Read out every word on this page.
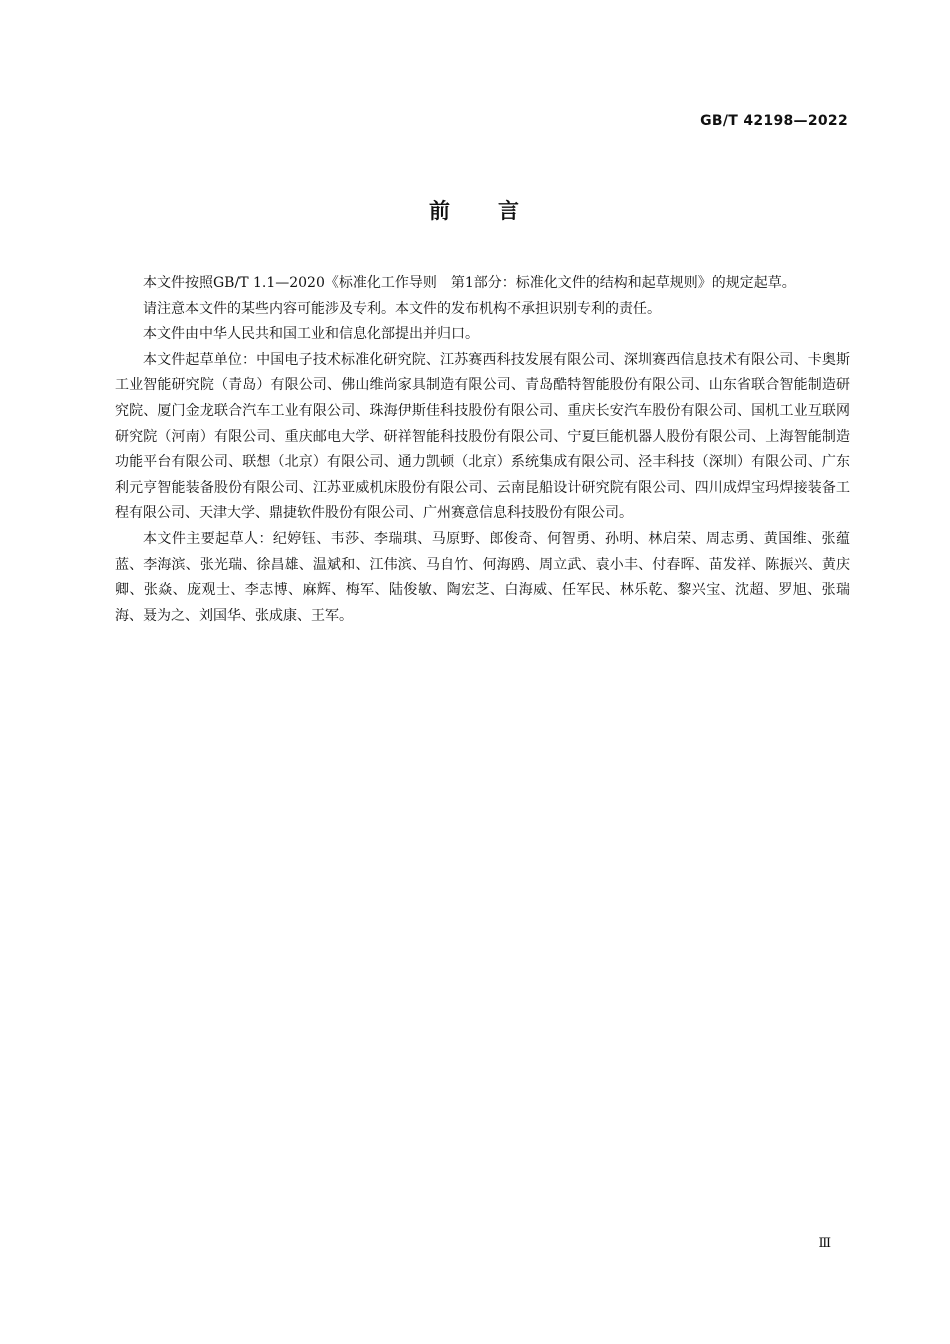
GB/T 42198—2022
前 言

本文件按照GB/T 1.1—2020《标准化工作导则　第1部分：标准化文件的结构和起草规则》的规定起草。

请注意本文件的某些内容可能涉及专利。本文件的发布机构不承担识别专利的责任。

本文件由中华人民共和国工业和信息化部提出并归口。

本文件起草单位：中国电子技术标准化研究院、江苏赛西科技发展有限公司、深圳赛西信息技术有限公司、卡奥斯工业智能研究院（青岛）有限公司、佛山维尚家具制造有限公司、青岛酷特智能股份有限公司、山东省联合智能制造研究院、厦门金龙联合汽车工业有限公司、珠海伊斯佳科技股份有限公司、重庆长安汽车股份有限公司、国机工业互联网研究院（河南）有限公司、重庆邮电大学、研祥智能科技股份有限公司、宁夏巨能机器人股份有限公司、上海智能制造功能平台有限公司、联想（北京）有限公司、通力凯顿（北京）系统集成有限公司、泾丰科技（深圳）有限公司、广东利元亨智能装备股份有限公司、江苏亚威机床股份有限公司、云南昆船设计研究院有限公司、四川成焊宝玛焊接装备工程有限公司、天津大学、鼎捷软件股份有限公司、广州赛意信息科技股份有限公司。

本文件主要起草人：纪婷钰、韦莎、李瑞琪、马原野、郎俊奇、何智勇、孙明、林启荣、周志勇、黄国维、张蕴蓝、李海滨、张光瑞、徐昌雄、温斌和、江伟滨、马自竹、何海鸥、周立武、袁小丰、付春晖、苗发祥、陈振兴、黄庆卿、张焱、庞观士、李志博、麻辉、梅军、陆俊敏、陶宏芝、白海威、任军民、林乐乾、黎兴宝、沈超、罗旭、张瑞海、聂为之、刘国华、张成康、王军。

Ⅲ
